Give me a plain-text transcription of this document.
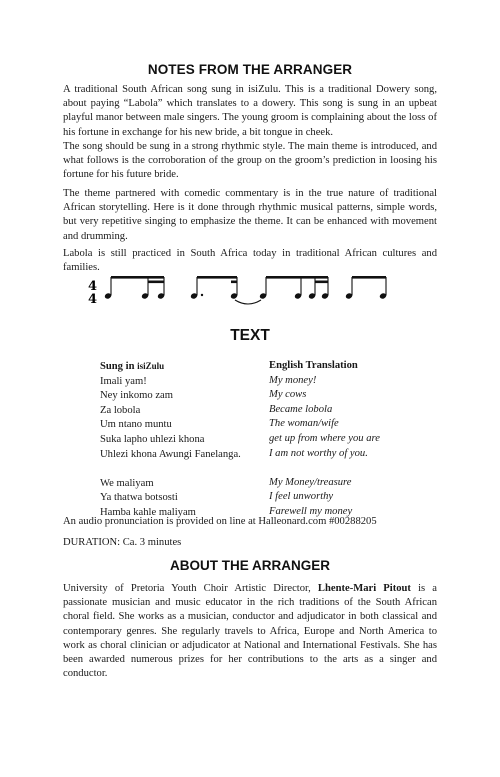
NOTES FROM THE ARRANGER

A traditional South African song sung in isiZulu. This is a traditional Dowery song, about paying “Labola” which translates to a dowery. This song is sung in an upbeat playful manor between male singers. The young groom is complaining about the loss of his fortune in exchange for his new bride, a bit tongue in cheek.

The song should be sung in a strong rhythmic style. The main theme is introduced, and what follows is the corroboration of the group on the groom’s prediction in loosing his fortune for his future bride.

The theme partnered with comedic commentary is in the true nature of traditional African storytelling. Here is it done through rhythmic musical patterns, simple words, but very repetitive singing to emphasize the theme. It can be enhanced with movement and drumming.

Labola is still practiced in South Africa today in traditional African cultures and families.

4
4
TEXT
Sung in isiZulu
Imali yam!
Ney inkomo zam
Za lobola
Um ntano muntu
Suka lapho uhlezi khona
Uhlezi khona Awungi Fanelanga.
We maliyam
Ya thatwa botsosti
Hamba kahle maliyam
English Translation
My money!
My cows
Became lobola
The woman/wife
get up from where you are
I am not worthy of you.
My Money/treasure
I feel unworthy
Farewell my money
An audio pronunciation is provided on line at Halleonard.com #00288205
DURATION: Ca. 3 minutes
ABOUT THE ARRANGER

University of Pretoria Youth Choir Artistic Director, Lhente-Mari Pitout is a passionate musician and music educator in the rich traditions of the South African choral field. She works as a musician, conductor and adjudicator in both classical and contemporary genres. She regularly travels to Africa, Europe and North America to work as choral clinician or adjudicator at National and International Festivals. She has been awarded numerous prizes for her contributions to the arts as a singer and conductor.
